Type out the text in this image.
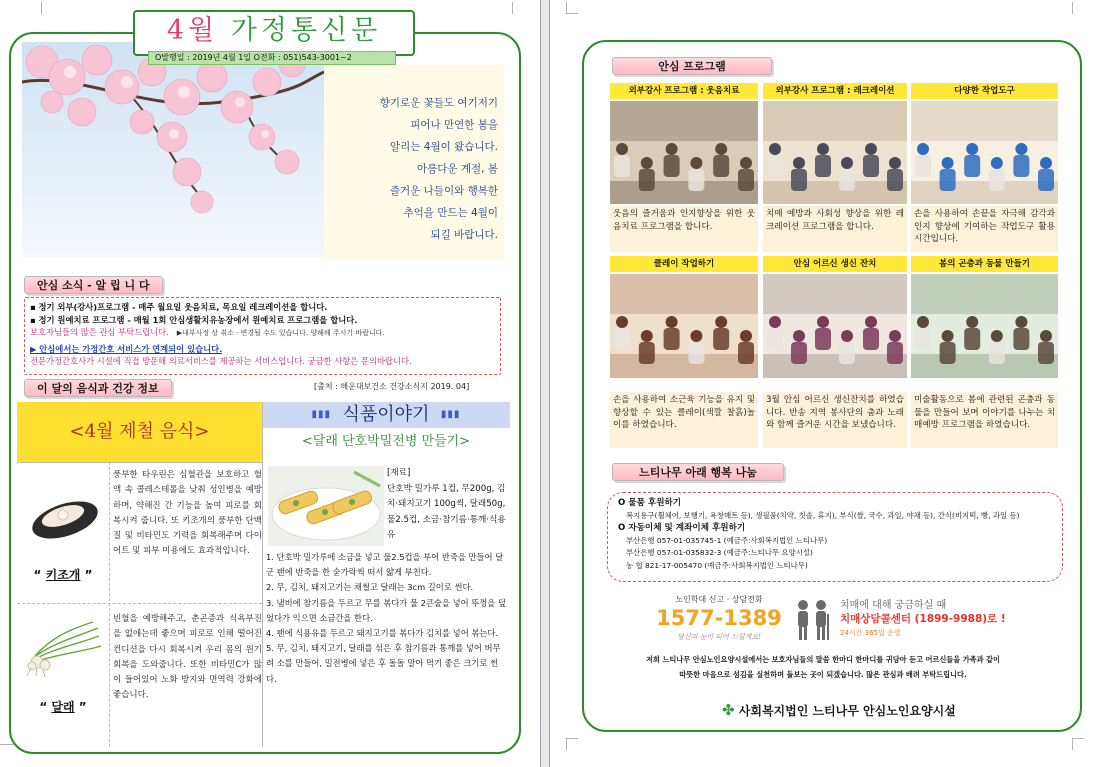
향기로운 꽃들도 여기저기
피어나 만연한 봄을
알리는 4월이 왔습니다.
아름다운 계절, 봄
즐거운 나들이와 행복한
추억을 만드는 4월이
되길 바랍니다.

4월 가정통신문
O발행일 : 2019년 4월 1일 O전화 : 051)543-3001~2
안심 소식 - 알 립 니 다
▪ 정기 외부(강사)프로그램 - 매주 월요일 웃음치료, 목요일 레크레이션을 합니다.
▪ 정기 원예치료 프로그램 - 매월 1회 안심생활치유농장에서 원예치료 프로그램을 합니다.
보호자님들의 많은 관심 부탁드립니다. ▶내부사정 상 취소 · 변경될 수도 있습니다. 양해해 주시기 바랍니다.
▶ 안심에서는 가정간호 서비스가 연계되어 있습니다.
전문가정간호사가 시설에 직접 방문해 의료서비스를 제공하는 서비스입니다. 궁금한 사항은 문의바랍니다.
이 달의 음식과 건강 정보	[출처 : 해운대보건소 건강소식지 2019. 04]
<4월 제철 음식>
▮▮▮ 식품이야기 ▮▮▮
<달래 단호박밀전병 만들기>
“ 키조개 ”
풍부한 타우린은 심혈관을 보호하고 혈액 속 콜레스테롤을 낮춰 성인병을 예방하며, 약해진 간 기능을 높여 피로를 회복시켜 줍니다. 또 키조개의 풍부한 단백질 및 비타민도 기력을 회복해주며 다이어트 및 피부 미용에도 효과적입니다.
“ 달래 ”
빈혈을 예방해주고, 춘곤증과 식욕부진을 없애는데 좋으며 피로로 인해 떨어진 컨디션을 다시 회복시켜 우리 몸의 원기회복을 도와줍니다. 또한 비타민C가 많이 들어있어 노화 방지와 면역력 강화에 좋습니다.
[재료]
단호박 밀가루 1컵, 무200g, 김치·돼지고기 100g씩, 달래50g, 물2.5컵, 소금·참기름·통깨·식용유
1. 단호박 밀가루에 소금을 넣고 물2.5컵을 부어 반죽을 만들어 달군 팬에 반죽을 한 숟가락씩 떠서 얇게 부친다.
2. 무, 김치, 돼지고기는 채썰고 달래는 3cm 길이로 썬다.
3. 냄비에 참기름을 두르고 무를 볶다가 물 2큰술을 넣어 뚜껑을 덮었다가 익으면 소금간을 한다.
4. 팬에 식용유를 두르고 돼지고기를 볶다가 김치를 넣어 볶는다.
5. 무, 김치, 돼지고기, 달래를 섞은 후 참기름과 통깨를 넣어 버무려 소를 만들어, 밀전병에 넣은 후 돌돌 말아 먹기 좋은 크기로 썬다.
안심 프로그램
외부강사 프로그램 : 웃음치료
웃음의 즐거움과 인지향상을 위한 웃음치료 프로그램을 합니다.
외부강사 프로그램 : 레크레이션
치매 예방과 사회성 향상을 위한 레크레이션 프로그램을 합니다.
다양한 작업도구
손을 사용하여 손끝을 자극해 감각과 인지 향상에 기여하는 작업도구 활용 시간입니다.
클레이 작업하기
손을 사용하여 소근육 기능을 유지 및 향상할 수 있는 클레이(색깔 찰흙)놀이를 하였습니다.
안심 어르신 생신 잔치
3월 안심 어르신 생신잔치를 하였습니다. 반송 지역 봉사단의 춤과 노래와 함께 즐거운 시간을 보냈습니다.
봄의 곤충과 동물 만들기
미술활동으로 봄에 관련된 곤충과 동물을 만들어 보며 이야기를 나누는 치매예방 프로그램을 하였습니다.
느티나무 아래 행복 나눔
O 물품 후원하기
복지용구(휠체어, 보행기, 욕창매트 등), 생필품(치약, 칫솔, 휴지), 부식(쌀, 국수, 과일, 야채 등), 간식(비지떡, 빵, 과일 등)
O 자동이체 및 계좌이체 후원하기
부산은행 057-01-035745-1 (예금주:사회복지법인 느티나무)
부산은행 057-01-035832-3 (예금주:느티나무 요양시설)
농 협 821-17-005470 (예금주:사회복지법인 느티나무)
노인학대 신고 · 상담전화
1577-1389
당신의 눈이 되어 드릴게요!
치매에 대해 궁금하실 때
치매상담콜센터 (1899-9988)로 !
24시간 365일 운영
저희 느티나무 안심노인요양시설에서는 보호자님들의 말씀 한마디 한마디를 귀담아 듣고 어르신들을 가족과 같이
따뜻한 마음으로 섬김을 실천하며 돌보는 곳이 되겠습니다. 많은 관심과 배려 부탁드립니다.
✤ 사회복지법인 느티나무 안심노인요양시설
